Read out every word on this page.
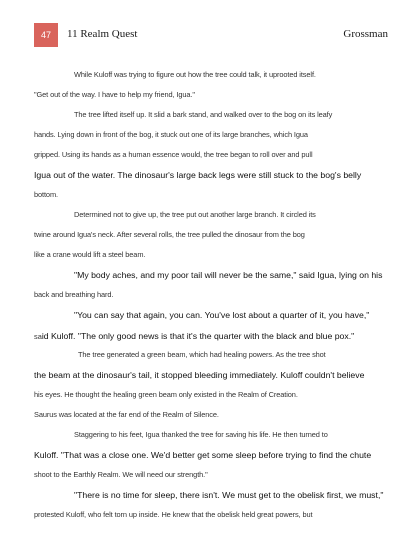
47	11 Realm Quest	Grossman
While Kuloff was trying to figure out how the tree could talk, it uprooted itself.
"Get out of the way. I have to help my friend, Igua."
The tree lifted itself up. It slid a bark stand, and walked over to the bog on its leafy
hands. Lying down in front of the bog, it stuck out one of its large branches, which Igua
gripped. Using its hands as a human essence would, the tree began to roll over and pull
Igua out of the water. The dinosaur's large back legs were still stuck to the bog's belly
bottom.
Determined not to give up, the tree put out another large branch. It circled its
twine around Igua's neck. After several rolls, the tree pulled the dinosaur from the bog
like a crane would lift a steel beam.
"My body aches, and my poor tail will never be the same," said Igua, lying on his
back and breathing hard.
"You can say that again, you can. You've lost about a quarter of it, you have,"
said Kuloff. "The only good news is that it's the quarter with the black and blue pox."
The tree generated a green beam, which had healing powers. As the tree shot
the beam at the dinosaur's tail, it stopped bleeding immediately. Kuloff couldn't believe
his eyes. He thought the healing green beam only existed in the Realm of Creation.
Saurus was located at the far end of the Realm of Silence.
Staggering to his feet, Igua thanked the tree for saving his life. He then turned to
Kuloff. "That was a close one. We'd better get some sleep before trying to find the chute
shoot to the Earthly Realm. We will need our strength."
"There is no time for sleep, there isn't. We must get to the obelisk first, we must,"
protested Kuloff, who felt torn up inside. He knew that the obelisk held great powers, but
